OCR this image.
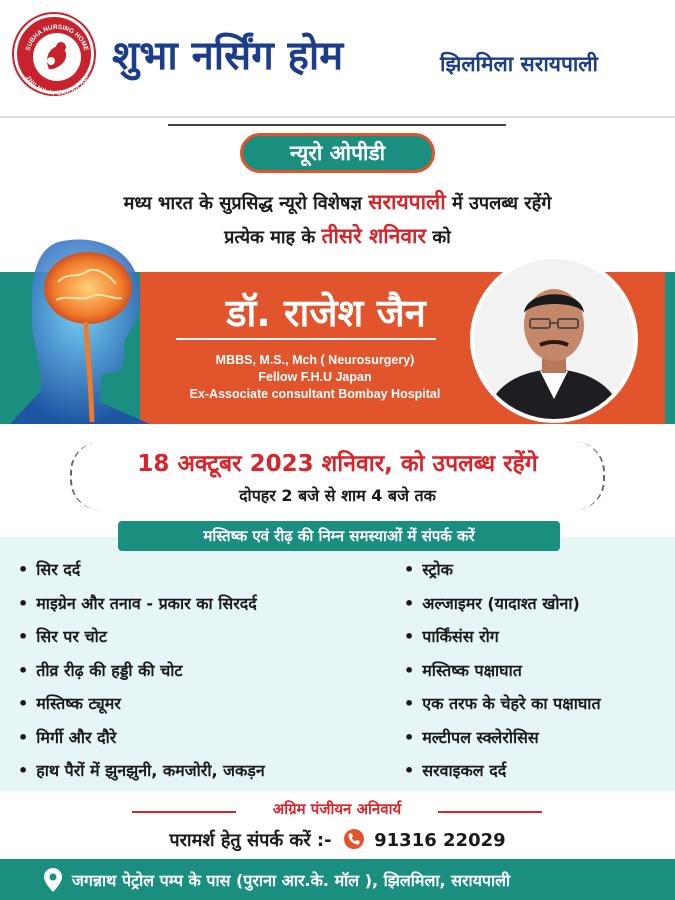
SUBHA NURSING HOME
JHILMILA, SARAIPALI शुभा नर्सिंग होम	झिलमिला सरायपाली
न्यूरो ओपीडी
मध्य भारत के सुप्रसिद्ध न्यूरो विशेषज्ञ सरायपाली में उपलब्ध रहेंगे
प्रत्येक माह के तीसरे शनिवार को
डॉ. राजेश जैन
MBBS, M.S., Mch ( Neurosurgery)
Fellow F.H.U Japan
Ex-Associate consultant Bombay Hospital
18 अक्टूबर 2023 शनिवार, को उपलब्ध रहेंगे
दोपहर 2 बजे से शाम 4 बजे तक
मस्तिष्क एवं रीढ़ की निम्न समस्याओं में संपर्क करें
• सिर दर्द
• माइग्रेन और तनाव - प्रकार का सिरदर्द
• सिर पर चोट
• तीव्र रीढ़ की हड्डी की चोट
• मस्तिष्क ट्यूमर
• मिर्गी और दौरे
• हाथ पैरों में झुनझुनी, कमजोरी, जकड़न
• स्ट्रोक
• अल्जाइमर (यादाश्त खोना)
• पार्किंसंस रोग
• मस्तिष्क पक्षाघात
• एक तरफ के चेहरे का पक्षाघात
• मल्टीपल स्क्लेरोसिस
• सरवाइकल दर्द
अग्रिम पंजीयन अनिवार्य
परामर्श हेतु संपर्क करें :- 91316 22029
जगन्नाथ पेट्रोल पम्प के पास (पुराना आर.के. मॉल ), झिलमिला, सरायपाली
